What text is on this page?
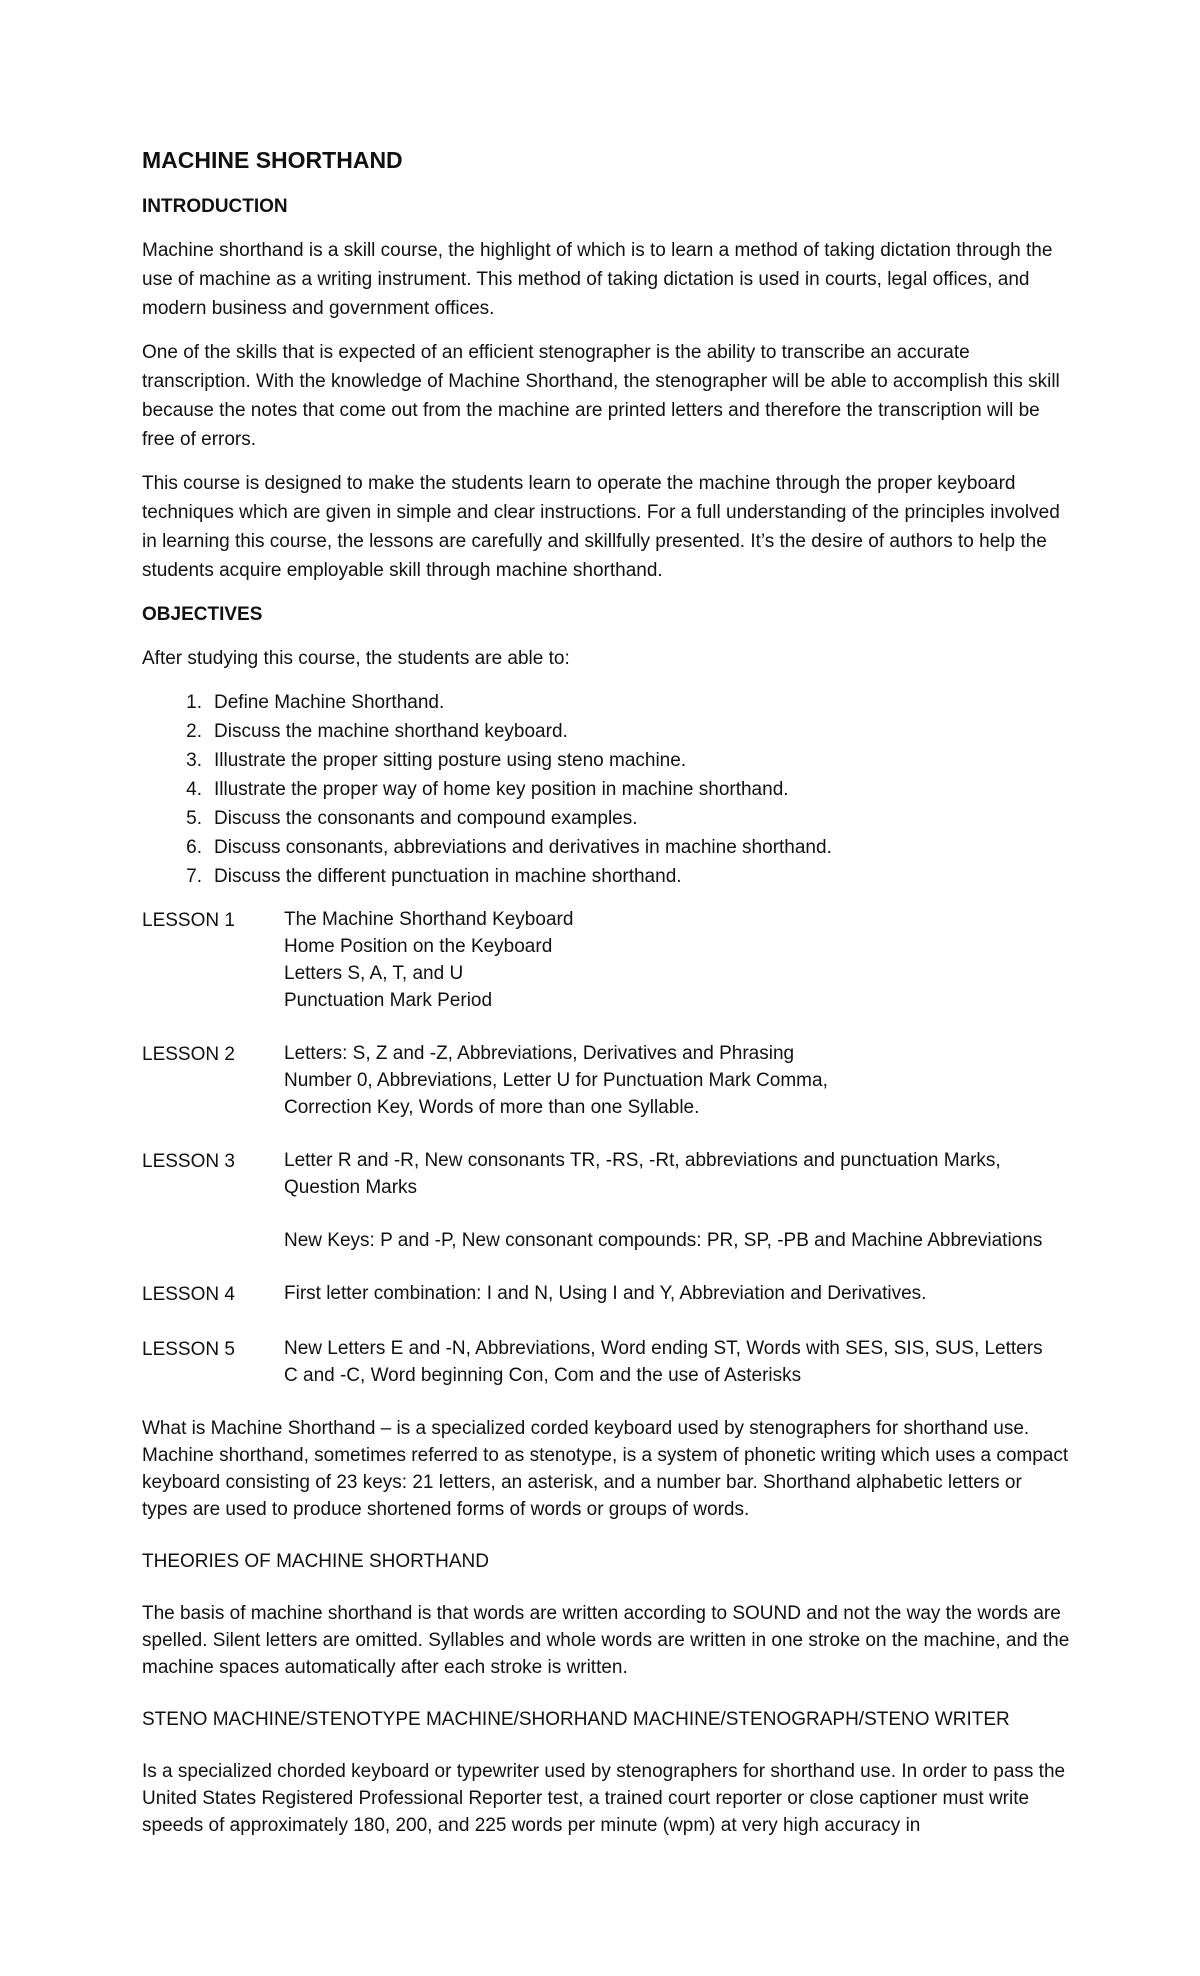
MACHINE SHORTHAND
INTRODUCTION

Machine shorthand is a skill course, the highlight of which is to learn a method of taking dictation through the use of machine as a writing instrument. This method of taking dictation is used in courts, legal offices, and modern business and government offices.

One of the skills that is expected of an efficient stenographer is the ability to transcribe an accurate transcription. With the knowledge of Machine Shorthand, the stenographer will be able to accomplish this skill because the notes that come out from the machine are printed letters and therefore the transcription will be free of errors.

This course is designed to make the students learn to operate the machine through the proper keyboard techniques which are given in simple and clear instructions. For a full understanding of the principles involved in learning this course, the lessons are carefully and skillfully presented. It’s the desire of authors to help the students acquire employable skill through machine shorthand.

OBJECTIVES

After studying this course, the students are able to:

1. Define Machine Shorthand.
2. Discuss the machine shorthand keyboard.
3. Illustrate the proper sitting posture using steno machine.
4. Illustrate the proper way of home key position in machine shorthand.
5. Discuss the consonants and compound examples.
6. Discuss consonants, abbreviations and derivatives in machine shorthand.
7. Discuss the different punctuation in machine shorthand.
LESSON 1	The Machine Shorthand Keyboard
Home Position on the Keyboard
Letters S, A, T, and U
Punctuation Mark Period
LESSON 2	Letters: S, Z and -Z, Abbreviations, Derivatives and Phrasing
Number 0, Abbreviations, Letter U for Punctuation Mark Comma,
Correction Key, Words of more than one Syllable.
LESSON 3	Letter R and -R, New consonants TR, -RS, -Rt, abbreviations and punctuation Marks,
Question Marks
New Keys: P and -P, New consonant compounds: PR, SP, -PB and Machine Abbreviations
LESSON 4	First letter combination: I and N, Using I and Y, Abbreviation and Derivatives.
LESSON 5	New Letters E and -N, Abbreviations, Word ending ST, Words with SES, SIS, SUS, Letters
C and -C, Word beginning Con, Com and the use of Asterisks

What is Machine Shorthand – is a specialized corded keyboard used by stenographers for shorthand use. Machine shorthand, sometimes referred to as stenotype, is a system of phonetic writing which uses a compact keyboard consisting of 23 keys: 21 letters, an asterisk, and a number bar. Shorthand alphabetic letters or types are used to produce shortened forms of words or groups of words.

THEORIES OF MACHINE SHORTHAND

The basis of machine shorthand is that words are written according to SOUND and not the way the words are spelled. Silent letters are omitted. Syllables and whole words are written in one stroke on the machine, and the machine spaces automatically after each stroke is written.

STENO MACHINE/STENOTYPE MACHINE/SHORHAND MACHINE/STENOGRAPH/STENO WRITER

Is a specialized chorded keyboard or typewriter used by stenographers for shorthand use. In order to pass the United States Registered Professional Reporter test, a trained court reporter or close captioner must write speeds of approximately 180, 200, and 225 words per minute (wpm) at very high accuracy in
